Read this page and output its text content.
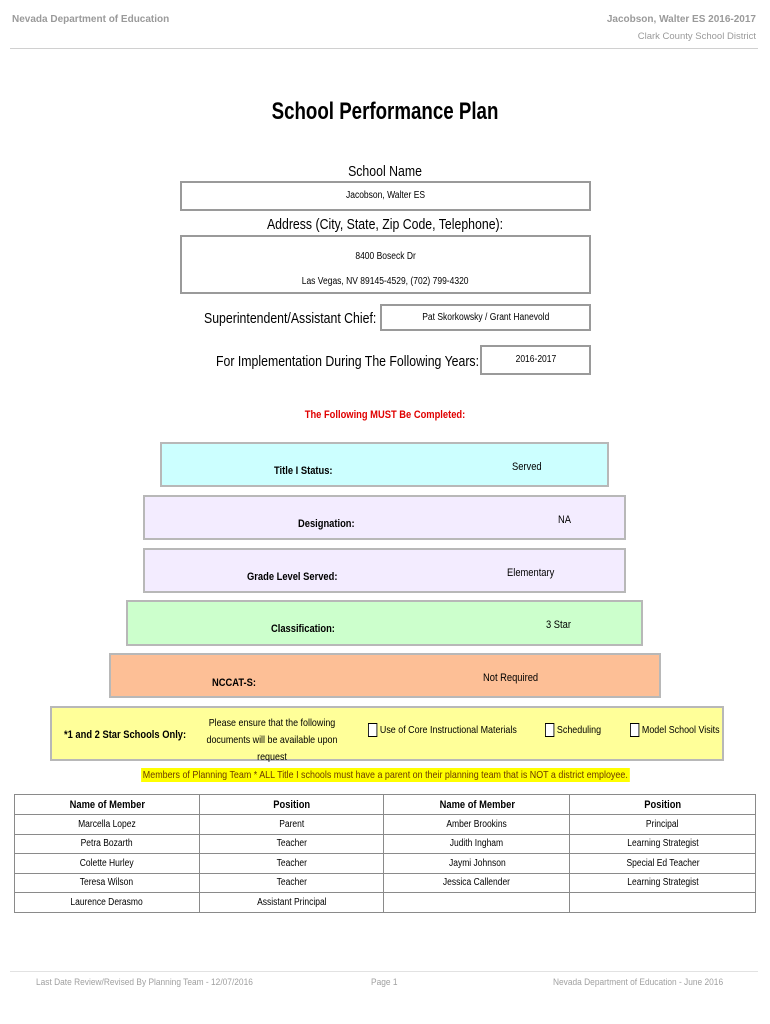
Nevada Department of Education	Jacobson, Walter ES 2016-2017
Clark County School District
School Performance Plan
School Name
Jacobson, Walter ES
Address (City, State, Zip Code, Telephone):
8400 Boseck Dr
Las Vegas, NV 89145-4529, (702) 799-4320
Superintendent/Assistant Chief:	Pat Skorkowsky / Grant Hanevold
For Implementation During The Following Years:	2016-2017
The Following MUST Be Completed:
Title I Status:	Served
Designation:	NA
Grade Level Served:	Elementary
Classification:	3 Star
NCCAT-S:	Not Required
*1 and 2 Star Schools Only:
Please ensure that the following
documents will be available upon request
Use of Core Instructional Materials	Scheduling	Model School Visits
Members of Planning Team * ALL Title I schools must have a parent on their planning team that is NOT a district employee.
Name of Member	Position	Name of Member	Position
Marcella Lopez	Parent	Amber Brookins	Principal
Petra Bozarth	Teacher	Judith Ingham	Learning Strategist
Colette Hurley	Teacher	Jaymi Johnson	Special Ed Teacher
Teresa Wilson	Teacher	Jessica Callender	Learning Strategist
Laurence Derasmo	Assistant Principal		
Last Date Review/Revised By Planning Team - 12/07/2016	Page 1	Nevada Department of Education - June 2016
